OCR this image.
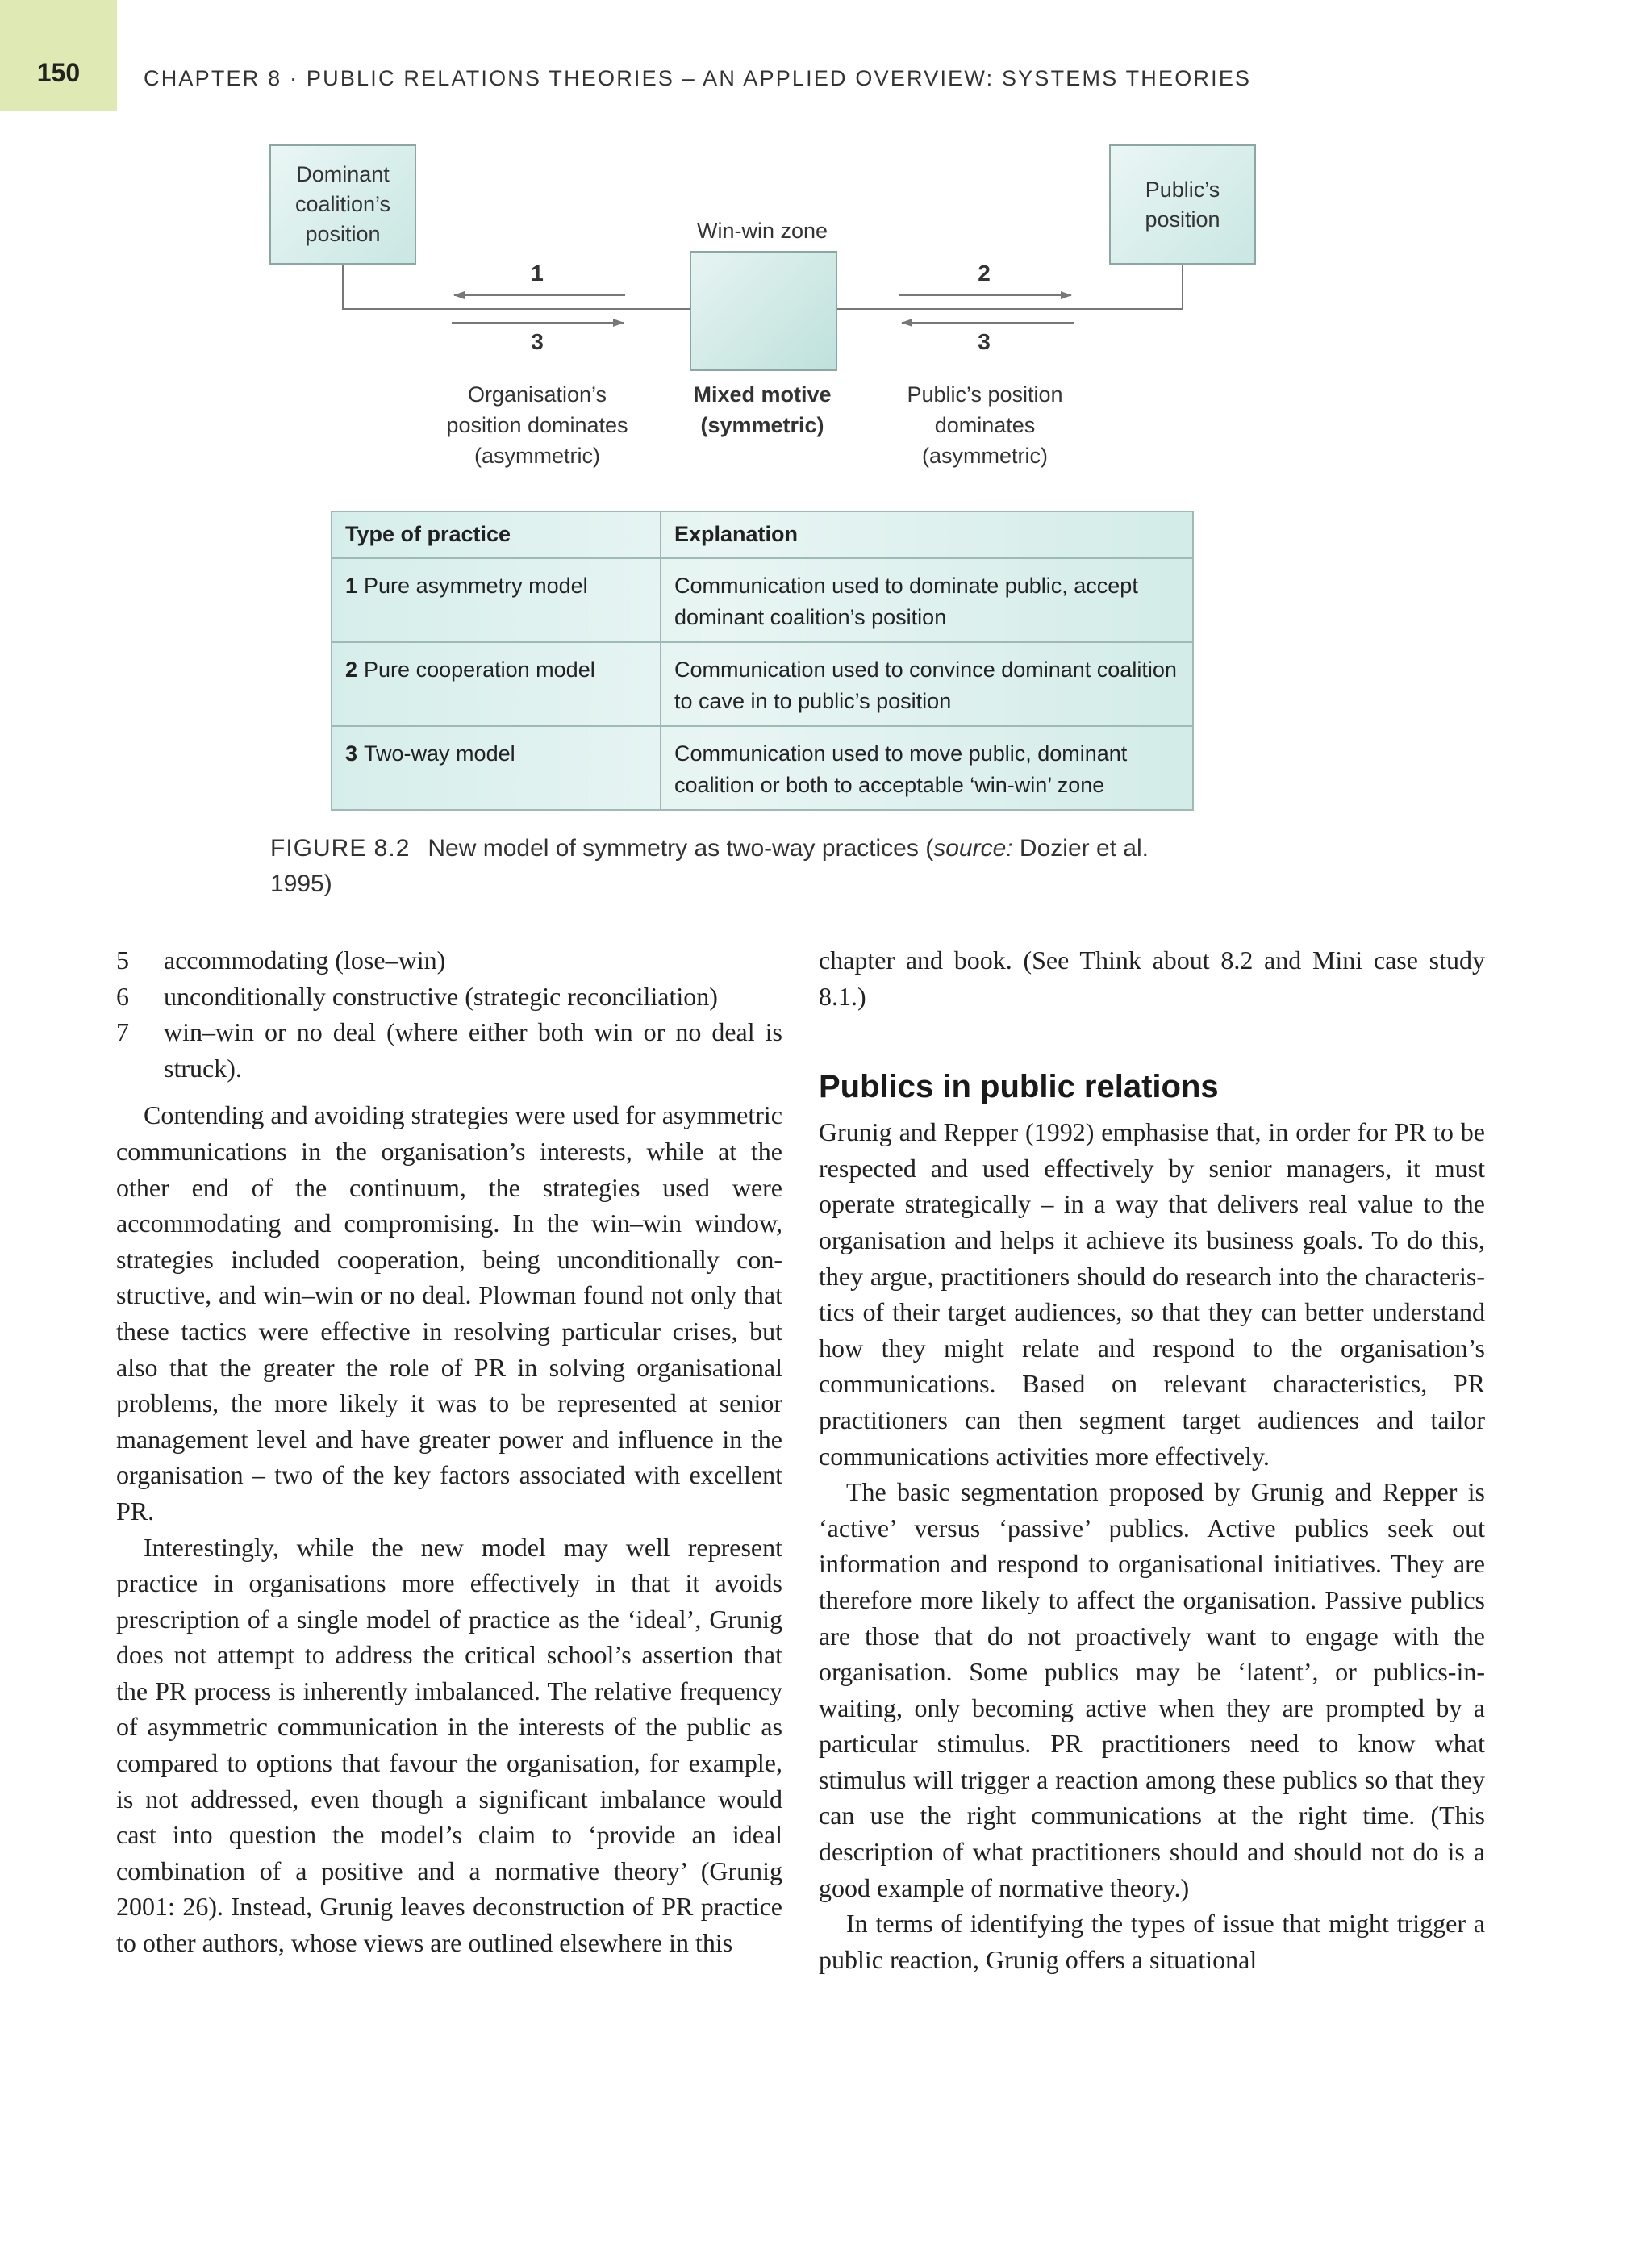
150	CHAPTER 8 · PUBLIC RELATIONS THEORIES – AN APPLIED OVERVIEW: SYSTEMS THEORIES
Dominant coalition’s position
Public’s position
Win-win zone
1	2
3	3
Organisation’s position dominates (asymmetric)
Mixed motive (symmetric)
Public’s position dominates (asymmetric)
Type of practice	Explanation
1 Pure asymmetry model	Communication used to dominate public, accept dominant coalition’s position
2 Pure cooperation model	Communication used to convince dominant coalition to cave in to public’s position
3 Two-way model	Communication used to move public, dominant coalition or both to acceptable ‘win-win’ zone
FIGURE 8.2 New model of symmetry as two-way practices (source: Dozier et al. 1995)
5	accommodating (lose–win)
6	unconditionally constructive (strategic reconciliation)
7	win–win or no deal (where either both win or no deal is struck).

Contending and avoiding strategies were used for asymmetric communications in the organisation’s interests, while at the other end of the continuum, the strategies used were accommodating and compromising. In the win–win window, strategies included cooperation, being unconditionally constructive, and win–win or no deal. Plowman found not only that these tactics were effective in resolving particular crises, but also that the greater the role of PR in solving organisational problems, the more likely it was to be represented at senior management level and have greater power and influence in the organisation – two of the key factors associated with excellent PR.

Interestingly, while the new model may well represent practice in organisations more effectively in that it avoids prescription of a single model of practice as the ‘ideal’, Grunig does not attempt to address the critical school’s assertion that the PR process is inherently imbalanced. The relative frequency of asymmetric communication in the interests of the public as compared to options that favour the organisation, for example, is not addressed, even though a significant imbalance would cast into question the model’s claim to ‘provide an ideal combination of a positive and a normative theory’ (Grunig 2001: 26). Instead, Grunig leaves deconstruction of PR practice to other authors, whose views are outlined elsewhere in this

chapter and book. (See Think about 8.2 and Mini case study 8.1.)

Publics in public relations

Grunig and Repper (1992) emphasise that, in order for PR to be respected and used effectively by senior managers, it must operate strategically – in a way that delivers real value to the organisation and helps it achieve its business goals. To do this, they argue, practitioners should do research into the characteristics of their target audiences, so that they can better understand how they might relate and respond to the organisation’s communications. Based on relevant characteristics, PR practitioners can then segment target audiences and tailor communications activities more effectively.

The basic segmentation proposed by Grunig and Repper is ‘active’ versus ‘passive’ publics. Active publics seek out information and respond to organisational initiatives. They are therefore more likely to affect the organisation. Passive publics are those that do not proactively want to engage with the organisation. Some publics may be ‘latent’, or publics-in-waiting, only becoming active when they are prompted by a particular stimulus. PR practitioners need to know what stimulus will trigger a reaction among these publics so that they can use the right communications at the right time. (This description of what practitioners should and should not do is a good example of normative theory.)

In terms of identifying the types of issue that might trigger a public reaction, Grunig offers a situational
